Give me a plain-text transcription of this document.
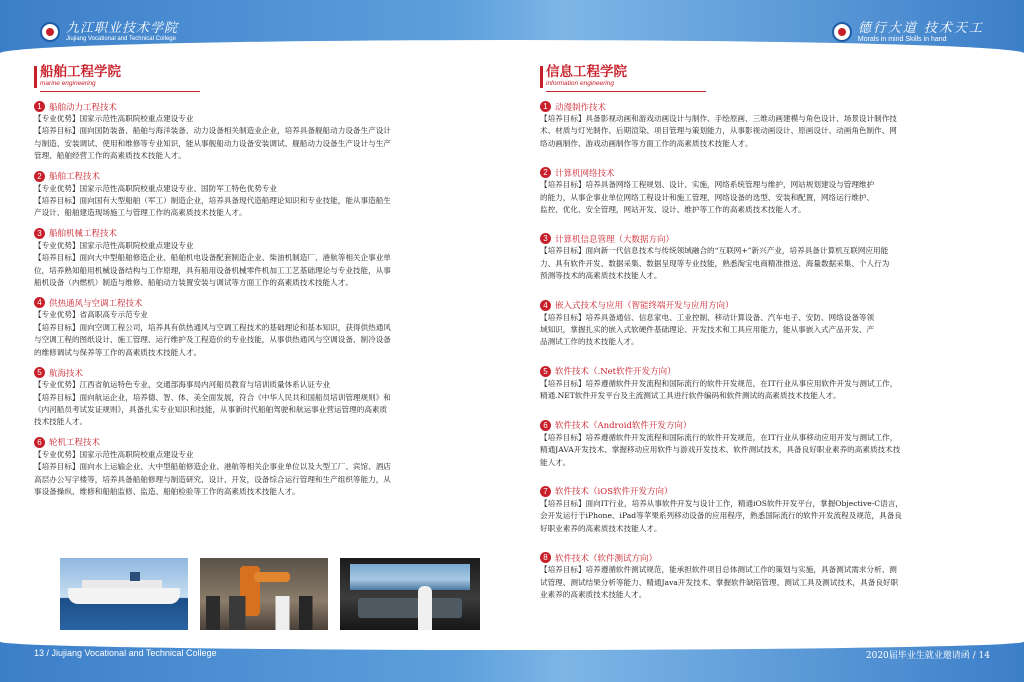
九江职业技术学院
Jiujiang Vocational and Technical College
德行大道 技术天工
Morals in mind Skills in hand
船舶工程学院
marine engineering
1 船舶动力工程技术
【专业优势】国家示范性高职院校重点建设专业
【培养目标】面向国防装备、船舶与海洋装备、动力设备相关制造业企业，培养具备舰船动力设备生产设计
与制造、安装调试、使用和维修等专业知识，能从事舰船动力设备安装调试、舰船动力设备生产设计与生产
管理、船舶经营工作的高素质技术技能人才。
2 船舶工程技术
【专业优势】国家示范性高职院校重点建设专业、国防军工特色优势专业
【培养目标】面向国有大型船舶（军工）制造企业，培养具备现代造船理论知识和专业技能，能从事造船生
产设计、船舶建造现场施工与管理工作的高素质技术技能人才。
3 船舶机械工程技术
【专业优势】国家示范性高职院校重点建设专业
【培养目标】面向大中型船舶修造企业、船舶机电设备配套制造企业、柴油机制造厂、港航等相关企事业单
位，培养熟知船用机械设备结构与工作原理，具有船用设备机械零件机加工工艺基础理论与专业技能，从事
船机设备（内燃机）制造与维修、船舶动力装置安装与调试等方面工作的高素质技术技能人才。
4 供热通风与空调工程技术
【专业优势】省高职高专示范专业
【培养目标】面向空调工程公司，培养具有供热通风与空调工程技术的基础理论和基本知识，获得供热通风
与空调工程的图纸设计、施工管理、运行维护及工程造价的专业技能，从事供热通风与空调设备、制冷设备
的维修调试与保养等工作的高素质技术技能人才。
5 航海技术
【专业优势】江西省航运特色专业、交通部海事局内河船员教育与培训质量体系认证专业
【培养目标】面向航运企业，培养德、智、体、美全面发展，符合《中华人民共和国船员培训管理规则》和
《内河船员考试发证规则》，具备扎实专业知识和技能，从事新时代船舶驾驶和航运事业营运管理的高素质
技术技能人才。
6 轮机工程技术
【专业优势】国家示范性高职院校重点建设专业
【培养目标】面向水上运输企业、大中型船舶修造企业、港航等相关企事业单位以及大型工厂、宾馆、酒店
高层办公写字楼等，培养具备船舶修理与制造研究、设计、开发，设备综合运行管理和生产组织等能力，从
事设备操纵、维修和船舶监修、监造、船舶检验等工作的高素质技术技能人才。
信息工程学院
information engineering
1 动漫制作技术
【培养目标】具备影视动画和游戏动画设计与制作、手绘原画、三维动画建模与角色设计、场景设计制作技
术、材质与灯光制作、后期渲染、项目管理与策划能力，从事影视动画设计、原画设计、动画角色制作、网
络动画制作、游戏动画制作等方面工作的高素质技术技能人才。
2 计算机网络技术
【培养目标】培养具备网络工程规划、设计、实施，网络系统管理与维护，网站规划建设与管理维护
的能力，从事企事业单位网络工程设计和施工管理，网络设备的选型、安装和配置，网络运行维护、
监控、优化、安全管理，网站开发、设计、维护等工作的高素质技术技能人才。
3 计算机信息管理（大数据方向）
【培养目标】面向新一代信息技术与传统领域融合的“互联网+”新兴产业，培养具备计算机互联网应用能
力、具有软件开发、数据采集、数据呈现等专业技能，熟悉淘宝电商精准推送、海量数据采集、个人行为
预测等技术的高素质技术技能人才。
4 嵌入式技术与应用（智能终端开发与应用方向）
【培养目标】培养具备通信、信息家电、工业控制、移动计算设备、汽车电子、安防、网络设备等领
域知识，掌握扎实的嵌入式软硬件基础理论、开发技术和工具应用能力，能从事嵌入式产品开发、产
品测试工作的技术技能人才。
5 软件技术（.Net软件开发方向）
【培养目标】培养遵循软件开发流程和国际流行的软件开发规范，在IT行业从事应用软件开发与测试工作，
精通.NET软件开发平台及主流测试工具进行软件编码和软件测试的高素质技术技能人才。
6 软件技术（Android软件开发方向）
【培养目标】培养遵循软件开发流程和国际流行的软件开发规范，在IT行业从事移动应用开发与测试工作，
精通JAVA开发技术、掌握移动应用软件与游戏开发技术、软件测试技术，具备良好职业素养的高素质技术技
能人才。
7 软件技术（iOS软件开发方向）
【培养目标】面向IT行业，培养从事软件开发与设计工作，精通iOS软件开发平台，掌握Objective-C语言，
会开发运行于iPhone、iPad等苹果系列移动设备的应用程序，熟悉国际流行的软件开发流程及规范，具备良
好职业素养的高素质技术技能人才。
8 软件技术（软件测试方向）
【培养目标】培养遵循软件测试规范，能承担软件项目总体测试工作的策划与实施，具备测试需求分析、测
试管理、测试结果分析等能力、精通Java开发技术、掌握软件缺陷管理、测试工具及测试技术，具备良好职
业素养的高素质技术技能人才。
13 / Jiujiang Vocational and Technical College	2020届毕业生就业邀请函 / 14
